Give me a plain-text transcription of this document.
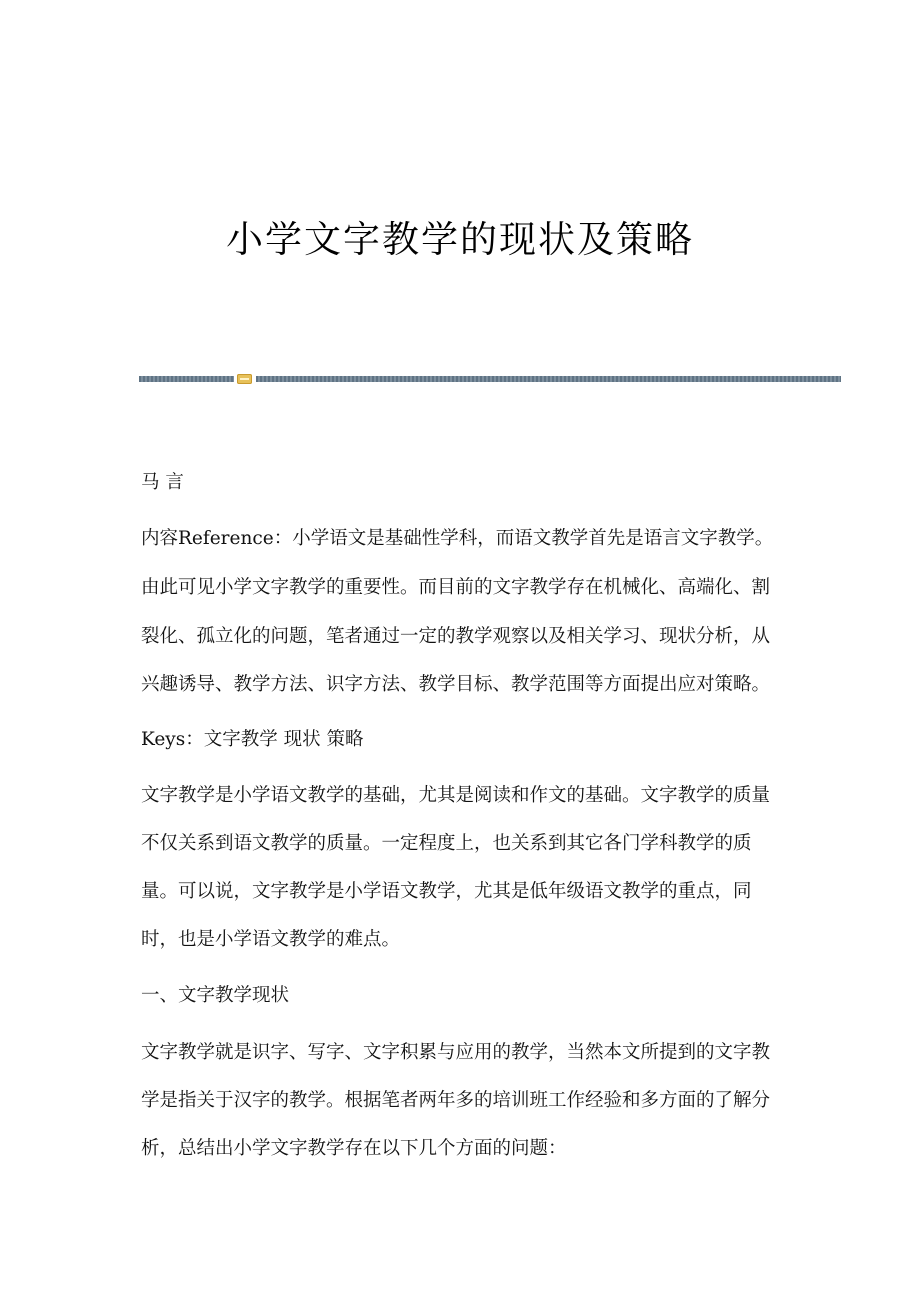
小学文字教学的现状及策略
马 言
内容Reference：小学语文是基础性学科，而语文教学首先是语言文字教学。
由此可见小学文字教学的重要性。而目前的文字教学存在机械化、高端化、割
裂化、孤立化的问题，笔者通过一定的教学观察以及相关学习、现状分析，从
兴趣诱导、教学方法、识字方法、教学目标、教学范围等方面提出应对策略。
Keys：文字教学 现状 策略
文字教学是小学语文教学的基础，尤其是阅读和作文的基础。文字教学的质量
不仅关系到语文教学的质量。一定程度上，也关系到其它各门学科教学的质
量。可以说，文字教学是小学语文教学，尤其是低年级语文教学的重点，同
时，也是小学语文教学的难点。
一、文字教学现状
文字教学就是识字、写字、文字积累与应用的教学，当然本文所提到的文字教
学是指关于汉字的教学。根据笔者两年多的培训班工作经验和多方面的了解分
析，总结出小学文字教学存在以下几个方面的问题：
